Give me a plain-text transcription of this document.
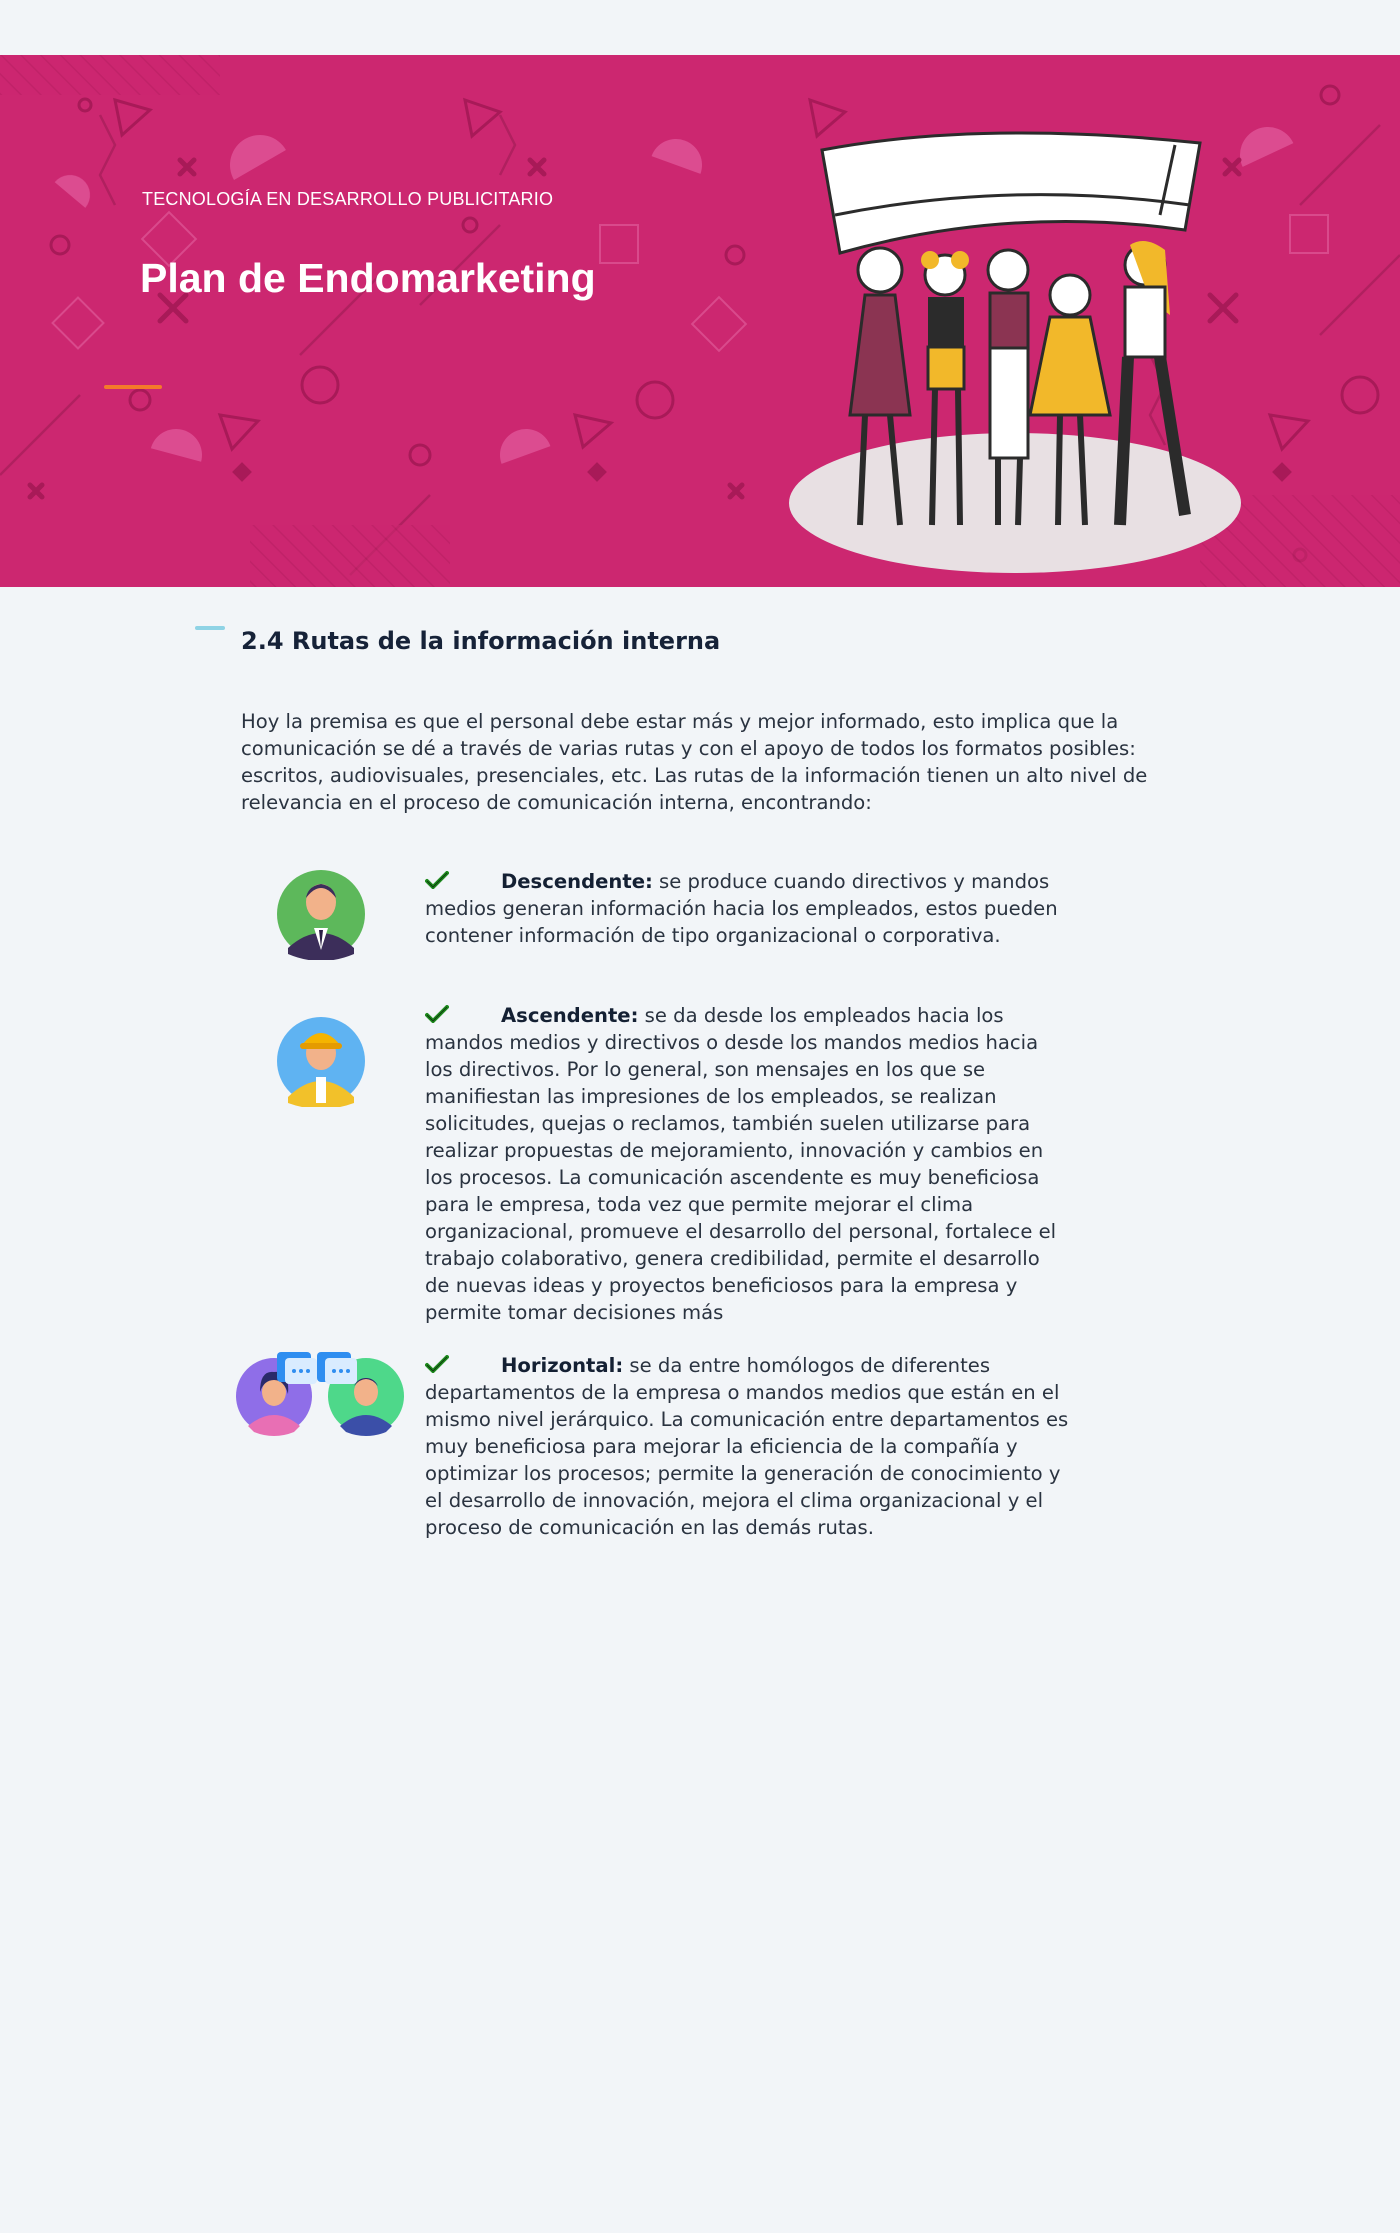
TECNOLOGÍA EN DESARROLLO PUBLICITARIO
Plan de Endomarketing
2.4 Rutas de la información interna

Hoy la premisa es que el personal debe estar más y mejor informado, esto implica que la comunicación se dé a través de varias rutas y con el apoyo de todos los formatos posibles: escritos, audiovisuales, presenciales, etc. Las rutas de la información tienen un alto nivel de relevancia en el proceso de comunicación interna, encontrando:

Descendente: se produce cuando directivos y mandos medios generan información hacia los empleados, estos pueden contener información de tipo organizacional o corporativa.

Ascendente: se da desde los empleados hacia los mandos medios y directivos o desde los mandos medios hacia los directivos. Por lo general, son mensajes en los que se manifiestan las impresiones de los empleados, se realizan solicitudes, quejas o reclamos, también suelen utilizarse para realizar propuestas de mejoramiento, innovación y cambios en los procesos. La comunicación ascendente es muy beneficiosa para le empresa, toda vez que permite mejorar el clima organizacional, promueve el desarrollo del personal, fortalece el trabajo colaborativo, genera credibilidad, permite el desarrollo de nuevas ideas y proyectos beneficiosos para la empresa y permite tomar decisiones más

Horizontal: se da entre homólogos de diferentes departamentos de la empresa o mandos medios que están en el mismo nivel jerárquico. La comunicación entre departamentos es muy beneficiosa para mejorar la eficiencia de la compañía y optimizar los procesos; permite la generación de conocimiento y el desarrollo de innovación, mejora el clima organizacional y el proceso de comunicación en las demás rutas.
